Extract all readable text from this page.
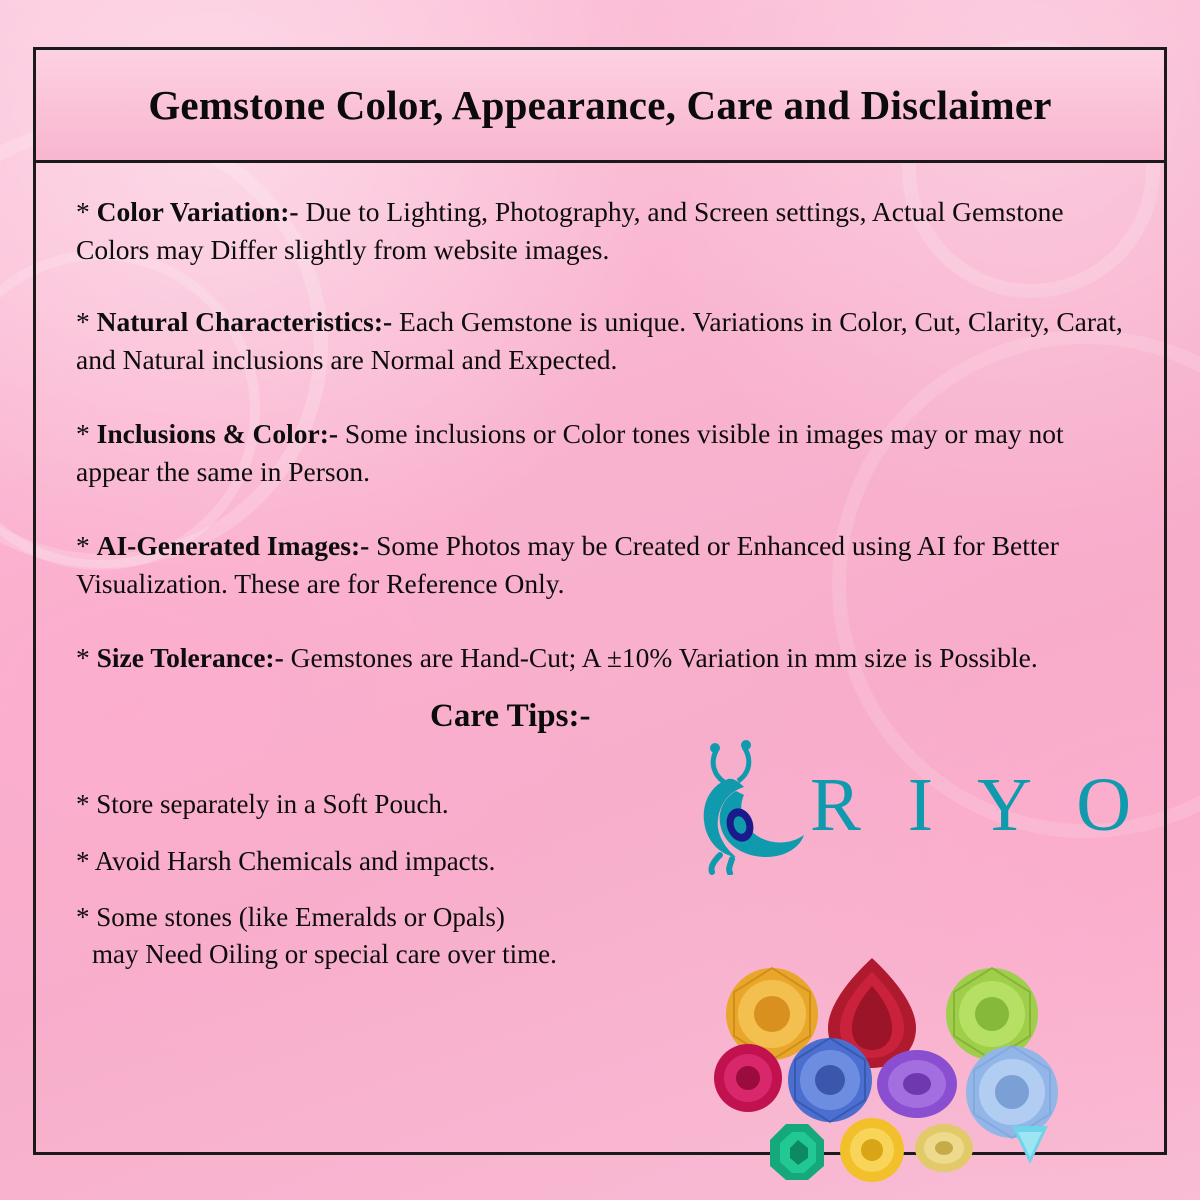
Gemstone Color, Appearance, Care and Disclaimer

* Color Variation:- Due to Lighting, Photography, and Screen settings, Actual Gemstone Colors may Differ slightly from website images.

* Natural Characteristics:- Each Gemstone is unique. Variations in Color, Cut, Clarity, Carat, and Natural inclusions are Normal and Expected.

* Inclusions & Color:- Some inclusions or Color tones visible in images may or may not appear the same in Person.

* AI-Generated Images:- Some Photos may be Created or Enhanced using AI for Better Visualization. These are for Reference Only.

* Size Tolerance:- Gemstones are Hand-Cut; A ±10% Variation in mm size is Possible.

Care Tips:-
* Store separately in a Soft Pouch.
* Avoid Harsh Chemicals and impacts.
* Some stones (like Emeralds or Opals)
may Need Oiling or special care over time.
R I Y O
